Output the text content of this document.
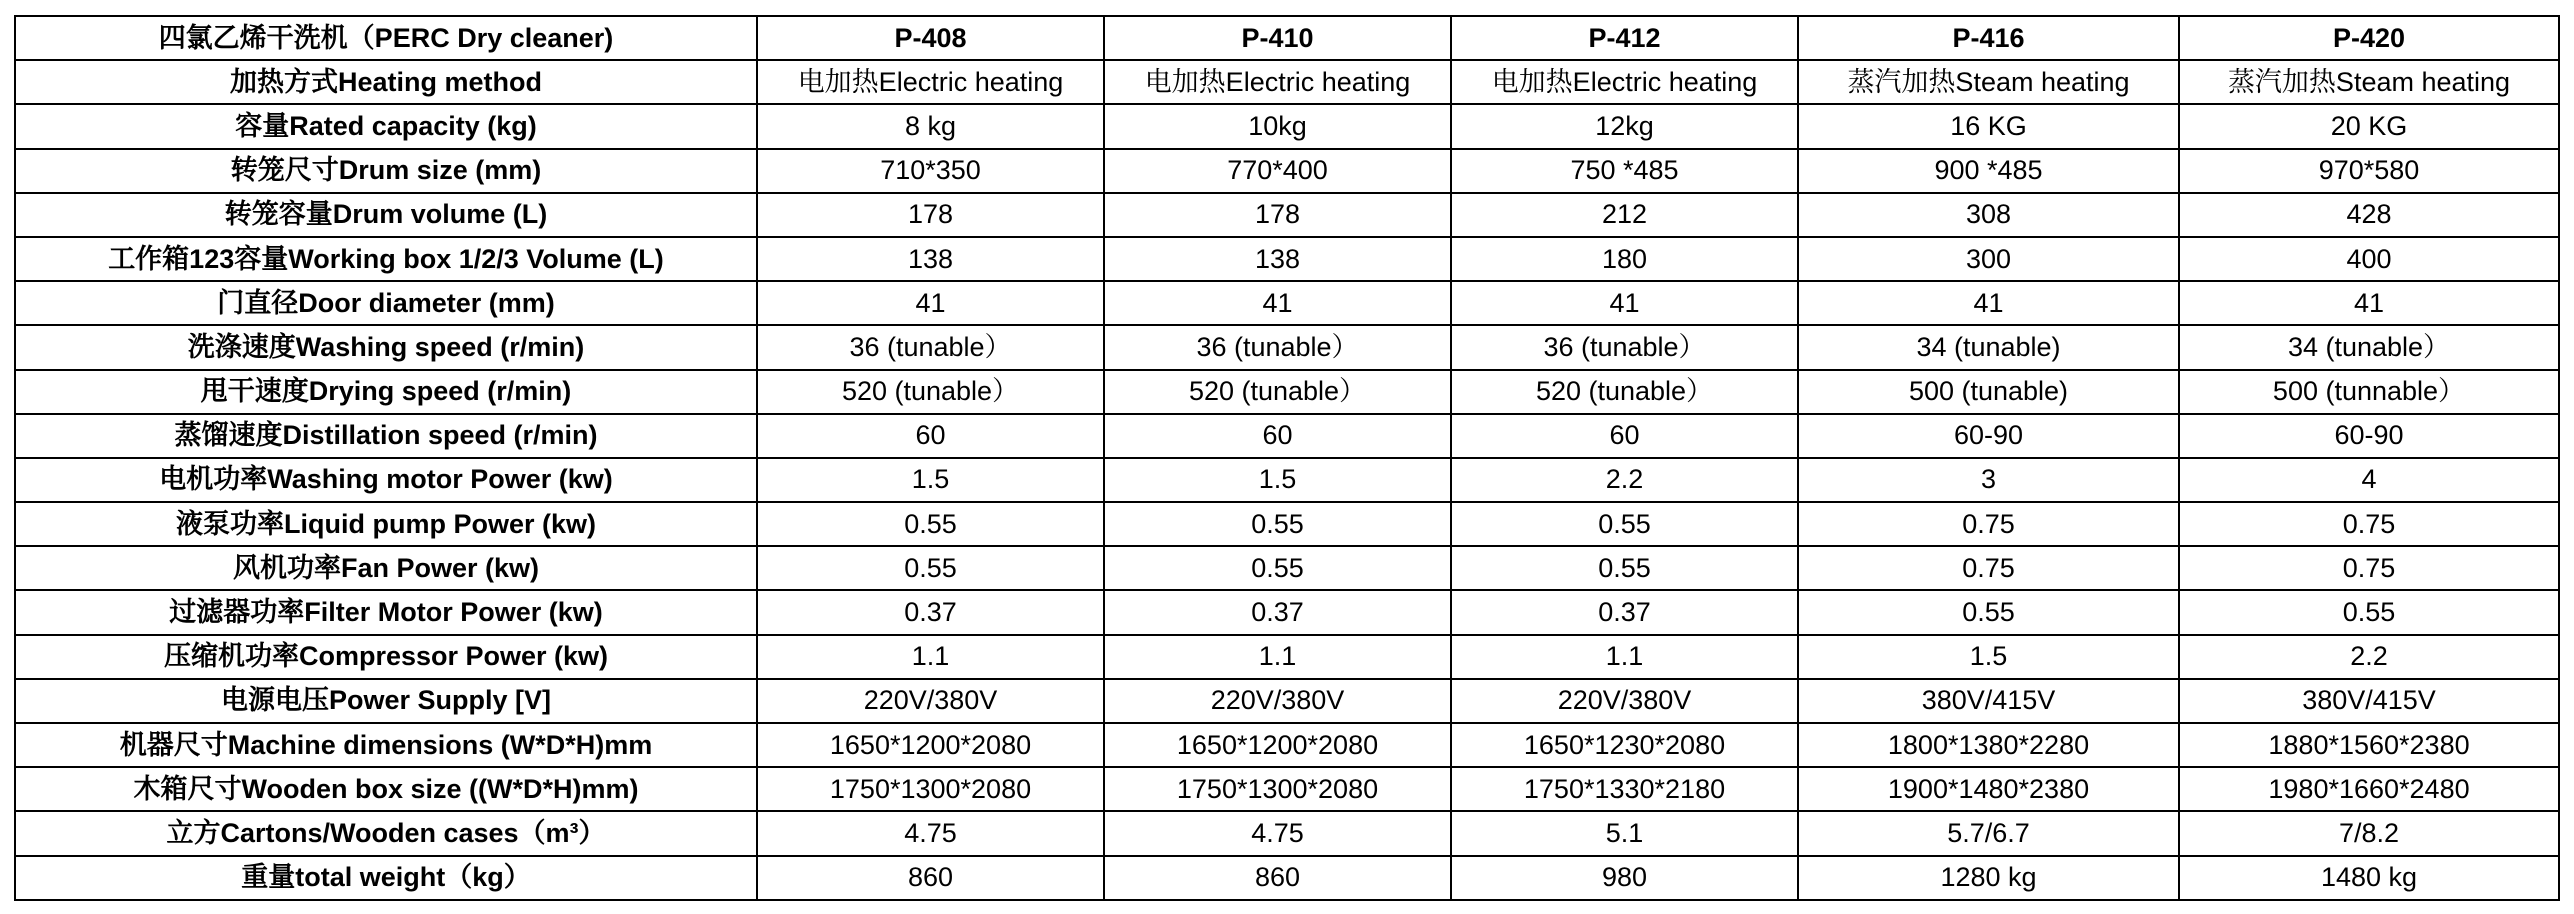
四氯乙烯干洗机（PERC Dry cleaner)	P-408	P-410	P-412	P-416	P-420
加热方式Heating method	电加热Electric heating	电加热Electric heating	电加热Electric heating	蒸汽加热Steam heating	蒸汽加热Steam heating
容量Rated capacity (kg)	8 kg	10kg	12kg	16 KG	20 KG
转笼尺寸Drum size (mm)	710*350	770*400	750 *485	900 *485	970*580
转笼容量Drum volume (L)	178	178	212	308	428
工作箱123容量Working box 1/2/3 Volume (L)	138	138	180	300	400
门直径Door diameter (mm)	41	41	41	41	41
洗涤速度Washing speed (r/min)	36 (tunable）	36 (tunable）	36 (tunable）	34 (tunable)	34 (tunable）
甩干速度Drying speed (r/min)	520 (tunable）	520 (tunable）	520 (tunable）	500 (tunable)	500 (tunnable）
蒸馏速度Distillation speed (r/min)	60	60	60	60-90	60-90
电机功率Washing motor Power (kw)	1.5	1.5	2.2	3	4
液泵功率Liquid pump Power (kw)	0.55	0.55	0.55	0.75	0.75
风机功率Fan Power (kw)	0.55	0.55	0.55	0.75	0.75
过滤器功率Filter Motor Power (kw)	0.37	0.37	0.37	0.55	0.55
压缩机功率Compressor Power (kw)	1.1	1.1	1.1	1.5	2.2
电源电压Power Supply [V]	220V/380V	220V/380V	220V/380V	380V/415V	380V/415V
机器尺寸Machine dimensions (W*D*H)mm	1650*1200*2080	1650*1200*2080	1650*1230*2080	1800*1380*2280	1880*1560*2380
木箱尺寸Wooden box size ((W*D*H)mm)	1750*1300*2080	1750*1300*2080	1750*1330*2180	1900*1480*2380	1980*1660*2480
立方Cartons/Wooden cases（m³）	4.75	4.75	5.1	5.7/6.7	7/8.2
重量total weight（kg）	860	860	980	1280 kg	1480 kg
